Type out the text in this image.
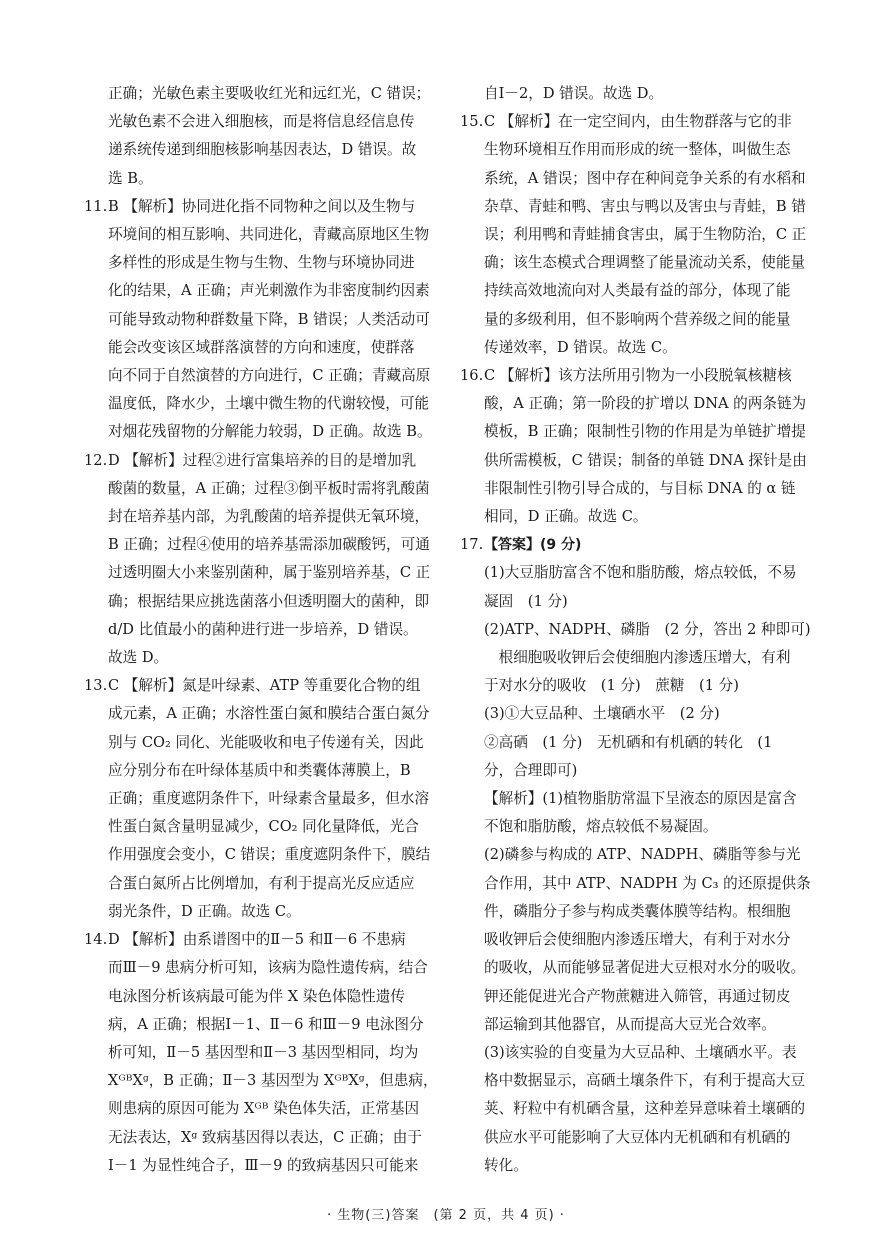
正确；光敏色素主要吸收红光和远红光，C 错误；
光敏色素不会进入细胞核，而是将信息经信息传
递系统传递到细胞核影响基因表达，D 错误。故
选 B。
11. B 【解析】协同进化指不同物种之间以及生物与
环境间的相互影响、共同进化，青藏高原地区生物
多样性的形成是生物与生物、生物与环境协同进
化的结果，A 正确；声光刺激作为非密度制约因素
可能导致动物种群数量下降，B 错误；人类活动可
能会改变该区域群落演替的方向和速度，使群落
向不同于自然演替的方向进行，C 正确；青藏高原
温度低，降水少，土壤中微生物的代谢较慢，可能
对烟花残留物的分解能力较弱，D 正确。故选 B。
12. D 【解析】过程②进行富集培养的目的是增加乳
酸菌的数量，A 正确；过程③倒平板时需将乳酸菌
封在培养基内部，为乳酸菌的培养提供无氧环境，
B 正确；过程④使用的培养基需添加碳酸钙，可通
过透明圈大小来鉴别菌种，属于鉴别培养基，C 正
确；根据结果应挑选菌落小但透明圈大的菌种，即
d/D 比值最小的菌种进行进一步培养，D 错误。
故选 D。
13. C 【解析】氮是叶绿素、ATP 等重要化合物的组
成元素，A 正确；水溶性蛋白氮和膜结合蛋白氮分
别与 CO₂ 同化、光能吸收和电子传递有关，因此
应分别分布在叶绿体基质中和类囊体薄膜上，B
正确；重度遮阴条件下，叶绿素含量最多，但水溶
性蛋白氮含量明显减少，CO₂ 同化量降低，光合
作用强度会变小，C 错误；重度遮阴条件下，膜结
合蛋白氮所占比例增加，有利于提高光反应适应
弱光条件，D 正确。故选 C。
14. D 【解析】由系谱图中的Ⅱ－5 和Ⅱ－6 不患病
而Ⅲ－9 患病分析可知，该病为隐性遗传病，结合
电泳图分析该病最可能为伴 X 染色体隐性遗传
病，A 正确；根据Ⅰ－1、Ⅱ－6 和Ⅲ－9 电泳图分
析可知，Ⅱ－5 基因型和Ⅱ－3 基因型相同，均为
XᴳᴮXᵍ，B 正确；Ⅱ－3 基因型为 XᴳᴮXᵍ，但患病，
则患病的原因可能为 Xᴳᴮ 染色体失活，正常基因
无法表达，Xᵍ 致病基因得以表达，C 正确；由于
Ⅰ－1 为显性纯合子，Ⅲ－9 的致病基因只可能来
自Ⅰ－2，D 错误。故选 D。
15. C 【解析】在一定空间内，由生物群落与它的非
生物环境相互作用而形成的统一整体，叫做生态
系统，A 错误；图中存在种间竞争关系的有水稻和
杂草、青蛙和鸭、害虫与鸭以及害虫与青蛙，B 错
误；利用鸭和青蛙捕食害虫，属于生物防治，C 正
确；该生态模式合理调整了能量流动关系，使能量
持续高效地流向对人类最有益的部分，体现了能
量的多级利用，但不影响两个营养级之间的能量
传递效率，D 错误。故选 C。
16. C 【解析】该方法所用引物为一小段脱氧核糖核
酸，A 正确；第一阶段的扩增以 DNA 的两条链为
模板，B 正确；限制性引物的作用是为单链扩增提
供所需模板，C 错误；制备的单链 DNA 探针是由
非限制性引物引导合成的，与目标 DNA 的 α 链
相同，D 正确。故选 C。
17. 【答案】(9 分)
(1)大豆脂肪富含不饱和脂肪酸，熔点较低，不易
凝固　(1 分)
(2)ATP、NADPH、磷脂　(2 分，答出 2 种即可)
　根细胞吸收钾后会使细胞内渗透压增大，有利
于对水分的吸收　(1 分)　蔗糖　(1 分)
(3)①大豆品种、土壤硒水平　(2 分)
②高硒　(1 分)　无机硒和有机硒的转化　(1
分，合理即可)
【解析】(1)植物脂肪常温下呈液态的原因是富含
不饱和脂肪酸，熔点较低不易凝固。
(2)磷参与构成的 ATP、NADPH、磷脂等参与光
合作用，其中 ATP、NADPH 为 C₃ 的还原提供条
件，磷脂分子参与构成类囊体膜等结构。根细胞
吸收钾后会使细胞内渗透压增大，有利于对水分
的吸收，从而能够显著促进大豆根对水分的吸收。
钾还能促进光合产物蔗糖进入筛管，再通过韧皮
部运输到其他器官，从而提高大豆光合效率。
(3)该实验的自变量为大豆品种、土壤硒水平。表
格中数据显示，高硒土壤条件下，有利于提高大豆
荚、籽粒中有机硒含量，这种差异意味着土壤硒的
供应水平可能影响了大豆体内无机硒和有机硒的
转化。
· 生物(三)答案　(第 2 页，共 4 页) ·
